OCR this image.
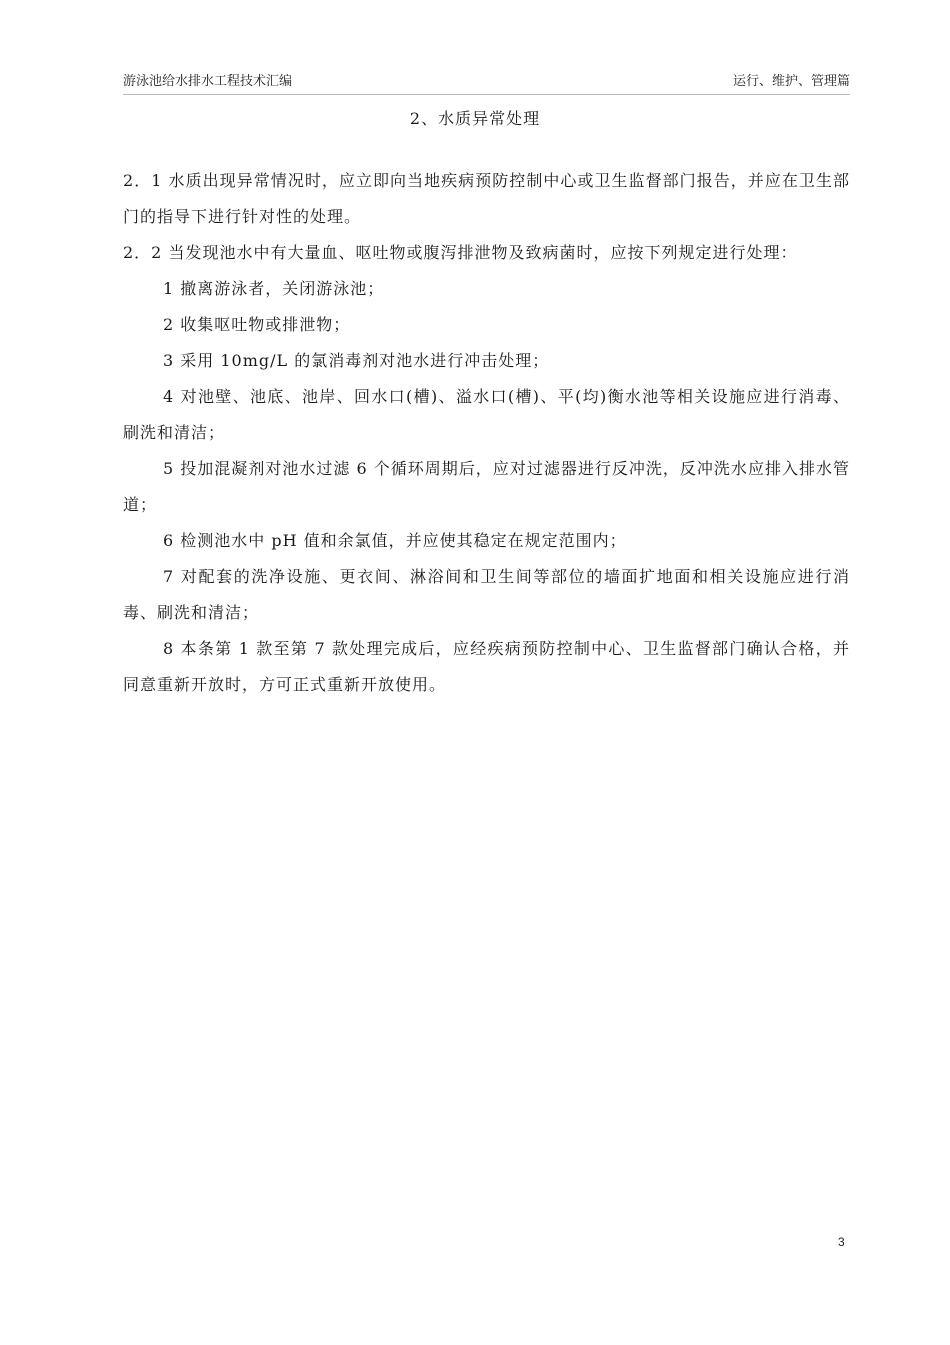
游泳池给水排水工程技术汇编	运行、维护、管理篇
2、水质异常处理

2．1 水质出现异常情况时，应立即向当地疾病预防控制中心或卫生监督部门报告，并应在卫生部门的指导下进行针对性的处理。

2．2 当发现池水中有大量血、呕吐物或腹泻排泄物及致病菌时，应按下列规定进行处理：

1 撤离游泳者，关闭游泳池；

2 收集呕吐物或排泄物；

3 采用 10mg/L 的氯消毒剂对池水进行冲击处理；

4 对池壁、池底、池岸、回水口(槽)、溢水口(槽)、平(均)衡水池等相关设施应进行消毒、刷洗和清洁；

5 投加混凝剂对池水过滤 6 个循环周期后，应对过滤器进行反冲洗，反冲洗水应排入排水管道；

6 检测池水中 pH 值和余氯值，并应使其稳定在规定范围内；

7 对配套的洗净设施、更衣间、淋浴间和卫生间等部位的墙面扩地面和相关设施应进行消毒、刷洗和清洁；

8 本条第 1 款至第 7 款处理完成后，应经疾病预防控制中心、卫生监督部门确认合格，并同意重新开放时，方可正式重新开放使用。

3
